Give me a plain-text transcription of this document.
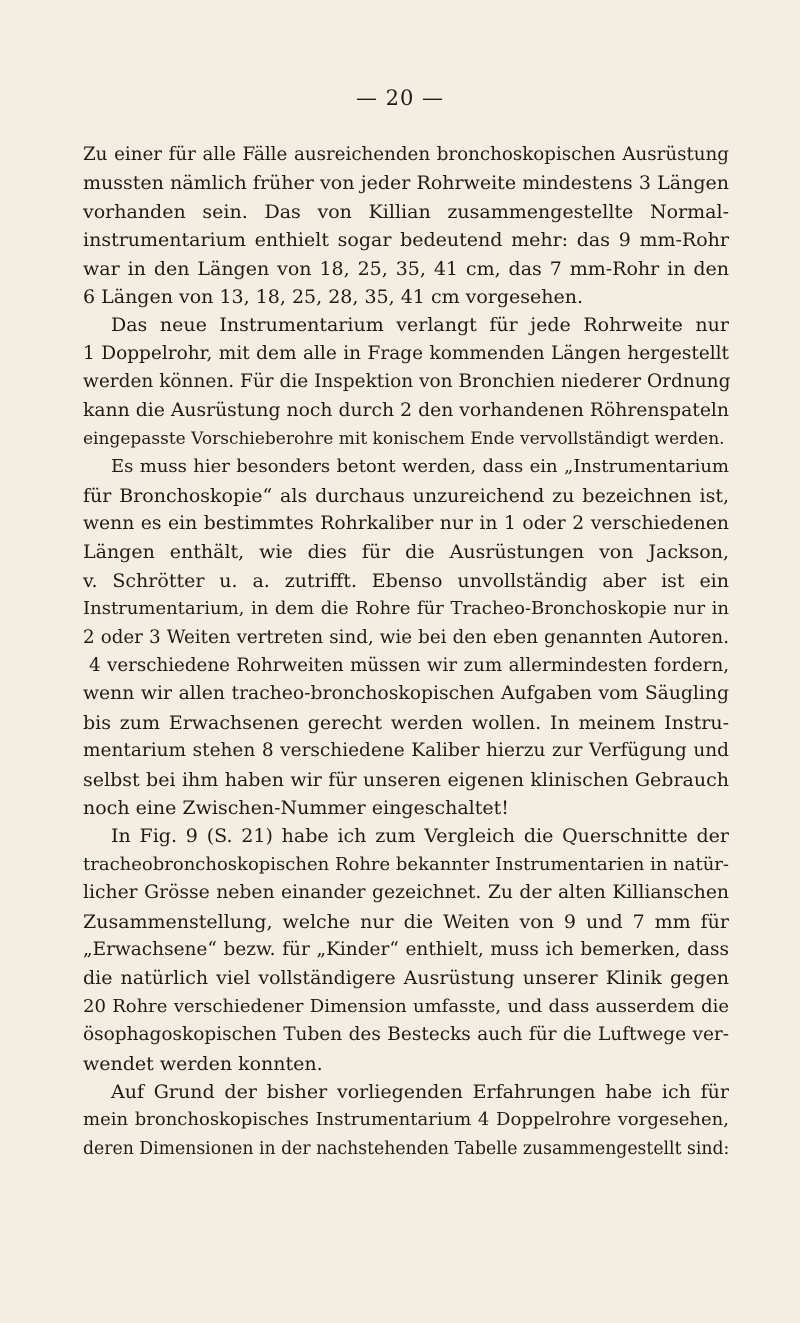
— 20 —
Zu einer für alle Fälle ausreichenden bronchoskopischen Ausrüstung
mussten nämlich früher von jeder Rohrweite mindestens 3 Längen
vorhanden sein. Das von Killian zusammengestellte Normal-
instrumentarium enthielt sogar bedeutend mehr: das 9 mm-Rohr
war in den Längen von 18, 25, 35, 41 cm, das 7 mm-Rohr in den
6 Längen von 13, 18, 25, 28, 35, 41 cm vorgesehen.
Das neue Instrumentarium verlangt für jede Rohrweite nur
1 Doppelrohr, mit dem alle in Frage kommenden Längen hergestellt
werden können. Für die Inspektion von Bronchien niederer Ordnung
kann die Ausrüstung noch durch 2 den vorhandenen Röhrenspateln
eingepasste Vorschieberohre mit konischem Ende vervollständigt werden.
Es muss hier besonders betont werden, dass ein „Instrumentarium
für Bronchoskopie“ als durchaus unzureichend zu bezeichnen ist,
wenn es ein bestimmtes Rohrkaliber nur in 1 oder 2 verschiedenen
Längen enthält, wie dies für die Ausrüstungen von Jackson,
v. Schrötter u. a. zutrifft. Ebenso unvollständig aber ist ein
Instrumentarium, in dem die Rohre für Tracheo-Bronchoskopie nur in
2 oder 3 Weiten vertreten sind, wie bei den eben genannten Autoren.
4 verschiedene Rohrweiten müssen wir zum allermindesten fordern,
wenn wir allen tracheo-bronchoskopischen Aufgaben vom Säugling
bis zum Erwachsenen gerecht werden wollen. In meinem Instru-
mentarium stehen 8 verschiedene Kaliber hierzu zur Verfügung und
selbst bei ihm haben wir für unseren eigenen klinischen Gebrauch
noch eine Zwischen-Nummer eingeschaltet!
In Fig. 9 (S. 21) habe ich zum Vergleich die Querschnitte der
tracheobronchoskopischen Rohre bekannter Instrumentarien in natür-
licher Grösse neben einander gezeichnet. Zu der alten Killianschen
Zusammenstellung, welche nur die Weiten von 9 und 7 mm für
„Erwachsene“ bezw. für „Kinder“ enthielt, muss ich bemerken, dass
die natürlich viel vollständigere Ausrüstung unserer Klinik gegen
20 Rohre verschiedener Dimension umfasste, und dass ausserdem die
ösophagoskopischen Tuben des Bestecks auch für die Luftwege ver-
wendet werden konnten.
Auf Grund der bisher vorliegenden Erfahrungen habe ich für
mein bronchoskopisches Instrumentarium 4 Doppelrohre vorgesehen,
deren Dimensionen in der nachstehenden Tabelle zusammengestellt sind:
